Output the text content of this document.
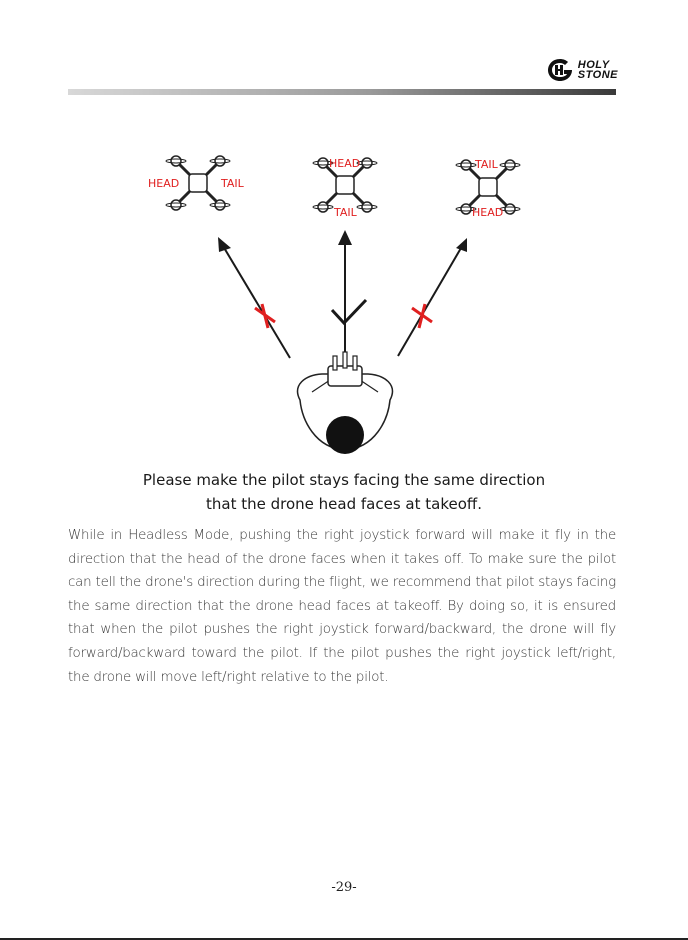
HOLY
STONE
HEAD	TAIL
HEAD
TAIL
TAIL
HEAD
Please make the pilot stays facing the same direction
that the drone head faces at takeoff.
While in Headless Mode, pushing the right joystick forward will make it fly in the direction that the head of the drone faces when it takes off. To make sure the pilot can tell the drone's direction during the flight, we recommend that pilot stays facing the same direction that the drone head faces at takeoff. By doing so, it is ensured that when the pilot pushes the right joystick forward/backward, the drone will fly forward/backward toward the pilot. If the pilot pushes the right joystick left/right, the drone will move left/right relative to the pilot.
-29-
